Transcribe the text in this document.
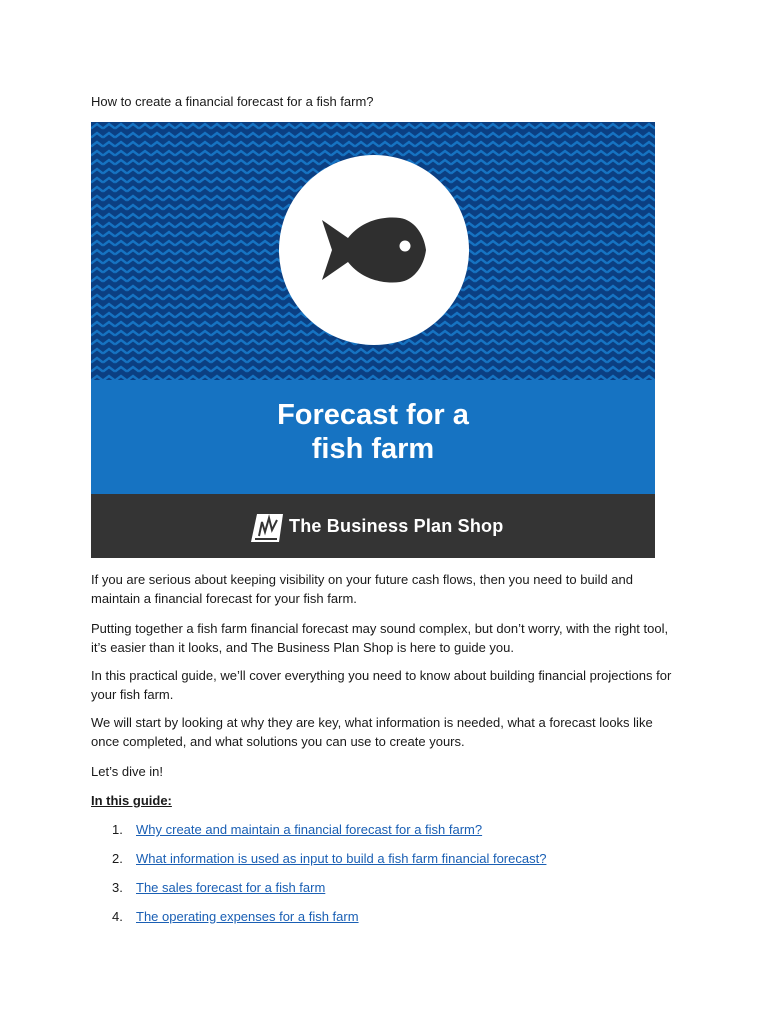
How to create a financial forecast for a fish farm?
Forecast for a
fish farm
The Business Plan Shop

If you are serious about keeping visibility on your future cash flows, then you need to build and maintain a financial forecast for your fish farm.

Putting together a fish farm financial forecast may sound complex, but don’t worry, with the right tool, it’s easier than it looks, and The Business Plan Shop is here to guide you.

In this practical guide, we’ll cover everything you need to know about building financial projections for your fish farm.

We will start by looking at why they are key, what information is needed, what a forecast looks like once completed, and what solutions you can use to create yours.

Let’s dive in!

In this guide:
1. Why create and maintain a financial forecast for a fish farm?
2. What information is used as input to build a fish farm financial forecast?
3. The sales forecast for a fish farm
4. The operating expenses for a fish farm
